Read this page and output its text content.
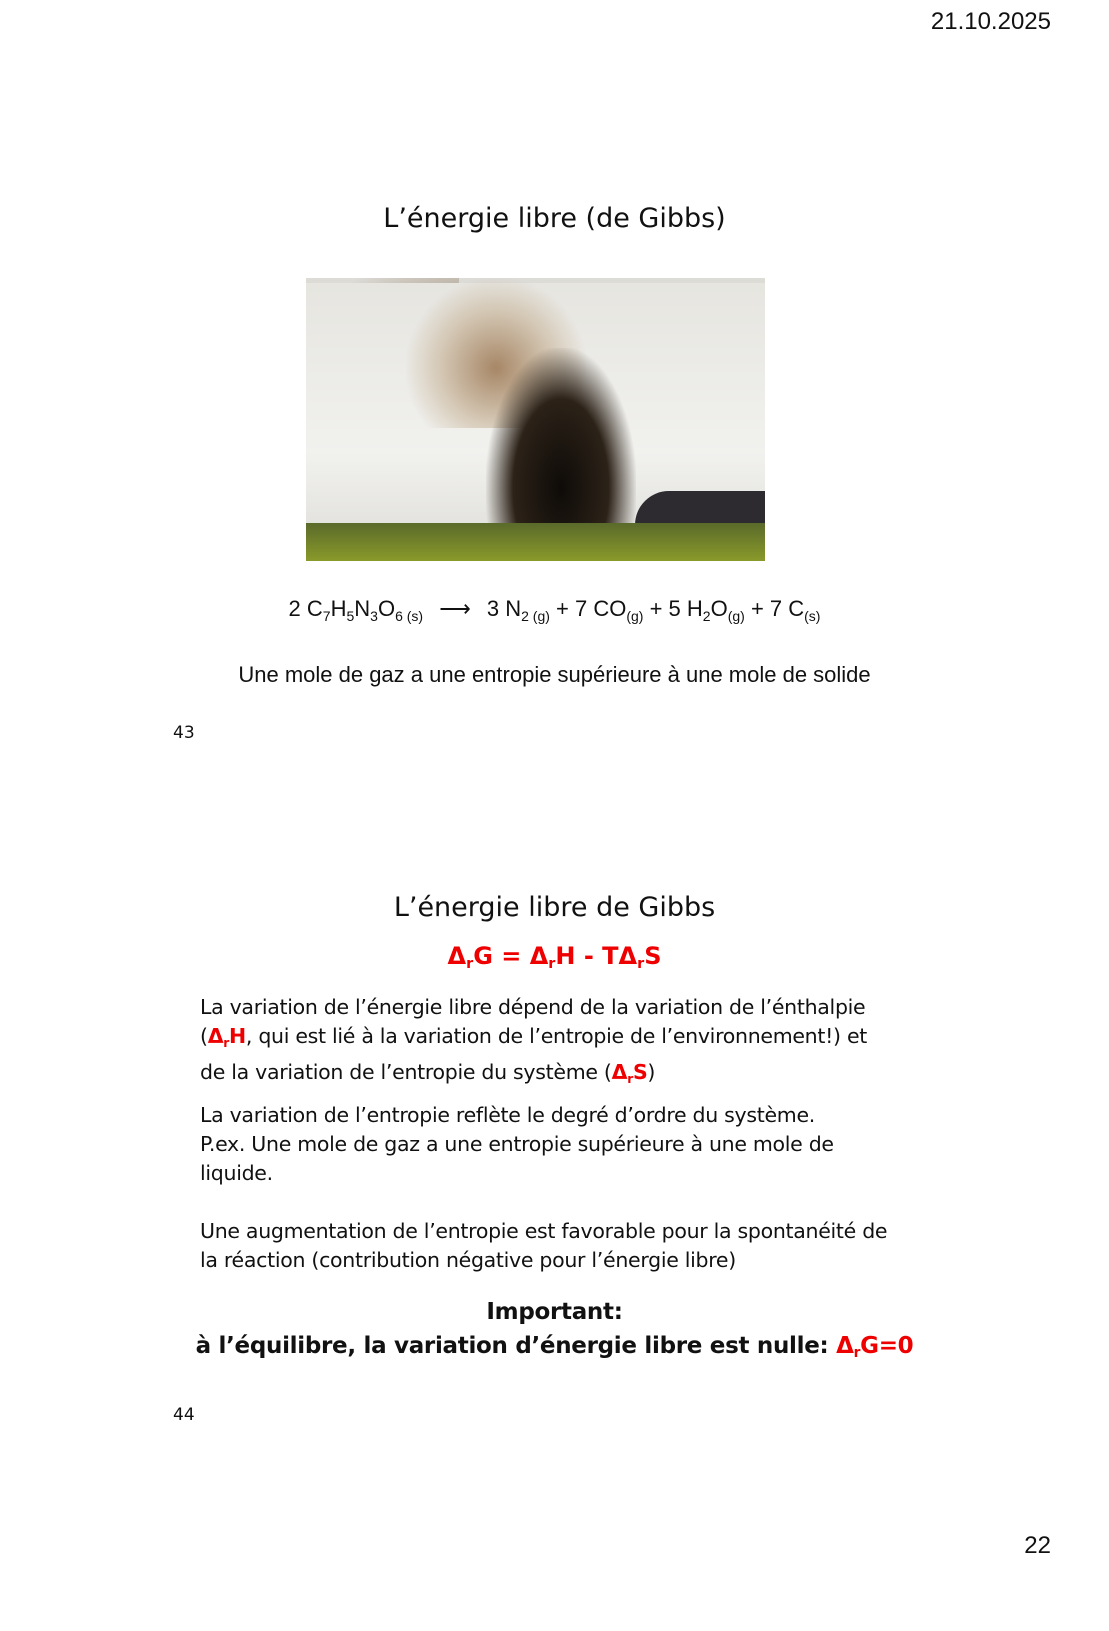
21.10.2025
L’énergie libre (de Gibbs)
2 $C_7H_5N_3O_{6 (s)}$ ⟶ 3 $N_{2 (g)} + 7$ $CO_{(g)} + 5$ $H_2O_{(g)} + 7$ $C_{(s)}$
Une mole de gaz a une entropie supérieure à une mole de solide
43
L’énergie libre de Gibbs
$\Delta_rG = \Delta_rH - T\Delta_rS$
La variation de l’énergie libre dépend de la variation de l’énthalpie ($\Delta_rH$, qui est lié à la variation de l’entropie de l’environnement!) et de la variation de l’entropie du système $(\Delta_rS)$
La variation de l’entropie reflète le degré d’ordre du système.
P.ex. Une mole de gaz a une entropie supérieure à une mole de liquide.
Une augmentation de l’entropie est favorable pour la spontanéité de la réaction (contribution négative pour l’énergie libre)
Important:
à l’équilibre, la variation d’énergie libre est nulle: $\Delta_rG=0$
44
22
